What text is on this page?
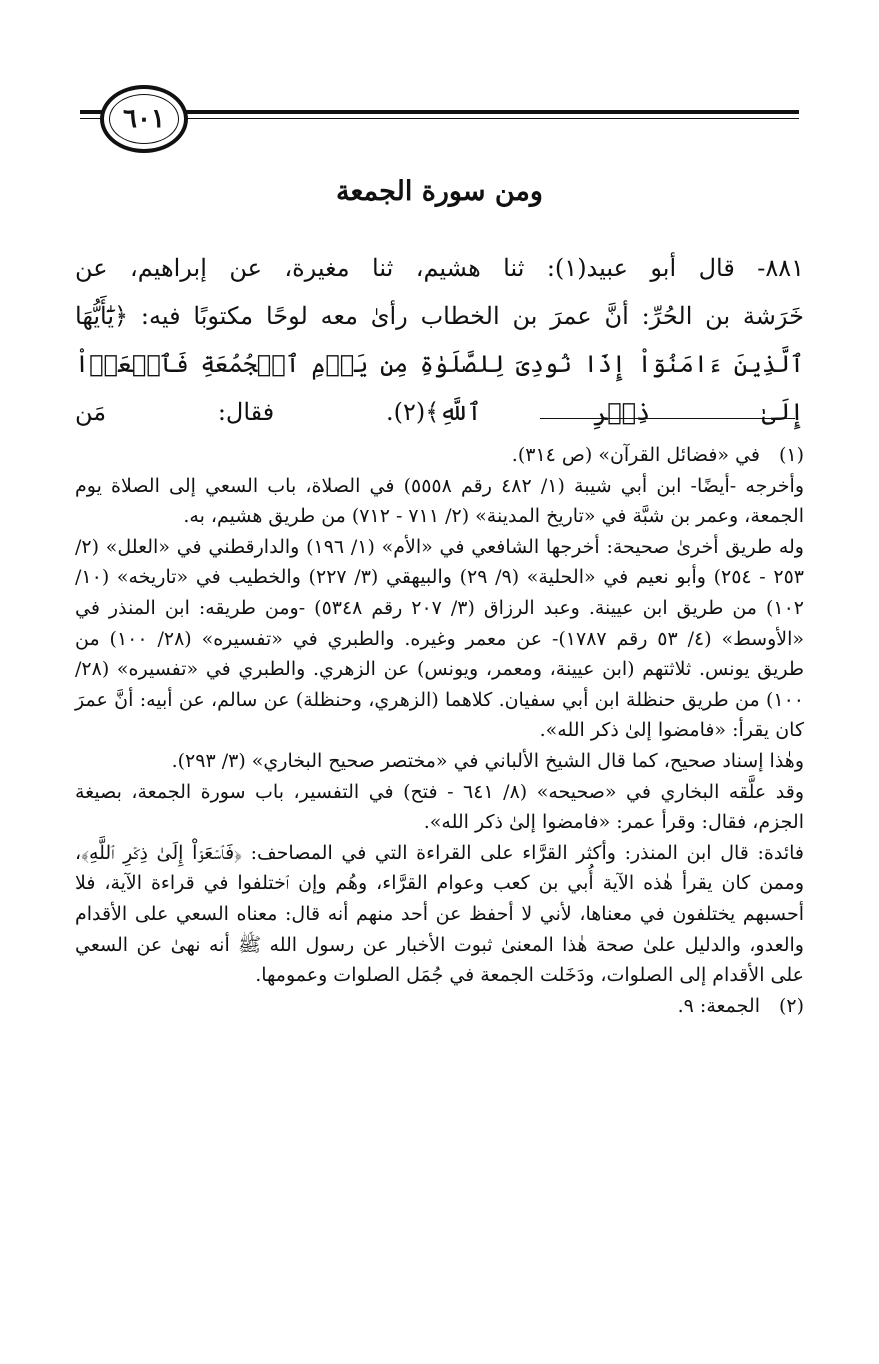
٦٠١
ومن سورة الجمعة

٨٨١- قال أبو عبيد(١): ثنا هشيم، ثنا مغيرة، عن إبراهيم، عن

خَرَشة بن الحُرِّ: أنَّ عمرَ بن الخطاب رأىٰ معه لوحًا مكتوبًا فيه: ﴿يَٰٓأَيُّهَا

ٱلَّذِينَ ءَامَنُوٓاْ إِذَا نُودِىَ لِلصَّلَوٰةِ مِن يَوۡمِ ٱلۡجُمُعَةِ فَٱسۡعَوۡاْ إِلَىٰ ذِكۡرِ ٱللَّهِ﴾(٢). فقال: مَن

(١)

في «فضائل القرآن» (ص ٣١٤).

وأخرجه -أيضًا- ابن أبي شيبة (١/ ٤٨٢ رقم ٥٥٥٨) في الصلاة، باب السعي إلى الصلاة يوم الجمعة، وعمر بن شبَّة في «تاريخ المدينة» (٢/ ٧١١ - ٧١٢) من طريق هشيم، به.

وله طريق أخرىٰ صحيحة: أخرجها الشافعي في «الأم» (١/ ١٩٦) والدارقطني في «العلل» (٢/ ٢٥٣ - ٢٥٤) وأبو نعيم في «الحلية» (٩/ ٢٩) والبيهقي (٣/ ٢٢٧) والخطيب في «تاريخه» (١٠/ ١٠٢) من طريق ابن عيينة. وعبد الرزاق (٣/ ٢٠٧ رقم ٥٣٤٨) -ومن طريقه: ابن المنذر في «الأوسط» (٤/ ٥٣ رقم ١٧٨٧)- عن معمر وغيره. والطبري في «تفسيره» (٢٨/ ١٠٠) من طريق يونس. ثلاثتهم (ابن عيينة، ومعمر، ويونس) عن الزهري. والطبري في «تفسيره» (٢٨/ ١٠٠) من طريق حنظلة ابن أبي سفيان. كلاهما (الزهري، وحنظلة) عن سالم، عن أبيه: أنَّ عمرَ كان يقرأ: «فامضوا إلىٰ ذكر الله».

وهٰذا إسناد صحيح، كما قال الشيخ الألباني في «مختصر صحيح البخاري» (٣/ ٢٩٣).

وقد علَّقه البخاري في «صحيحه» (٨/ ٦٤١ - فتح) في التفسير، باب سورة الجمعة، بصيغة الجزم، فقال: وقرأ عمر: «فامضوا إلىٰ ذكر الله».

فائدة: قال ابن المنذر: وأكثر القرَّاء على القراءة التي في المصاحف: ﴿فَٱسۡعَوۡاْ إِلَىٰ ذِكۡرِ ٱللَّهِ﴾، وممن كان يقرأ هٰذه الآية أُبي بن كعب وعوام القرَّاء، وهُم وإن ٱختلفوا في قراءة الآية، فلا أحسبهم يختلفون في معناها، لأني لا أحفظ عن أحد منهم أنه قال: معناه السعي على الأقدام والعدو، والدليل علىٰ صحة هٰذا المعنىٰ ثبوت الأخبار عن رسول الله ﷺ أنه نهىٰ عن السعي على الأقدام إلى الصلوات، ودَخَلت الجمعة في جُمَل الصلوات وعمومها.

(٢)

الجمعة: ٩.
